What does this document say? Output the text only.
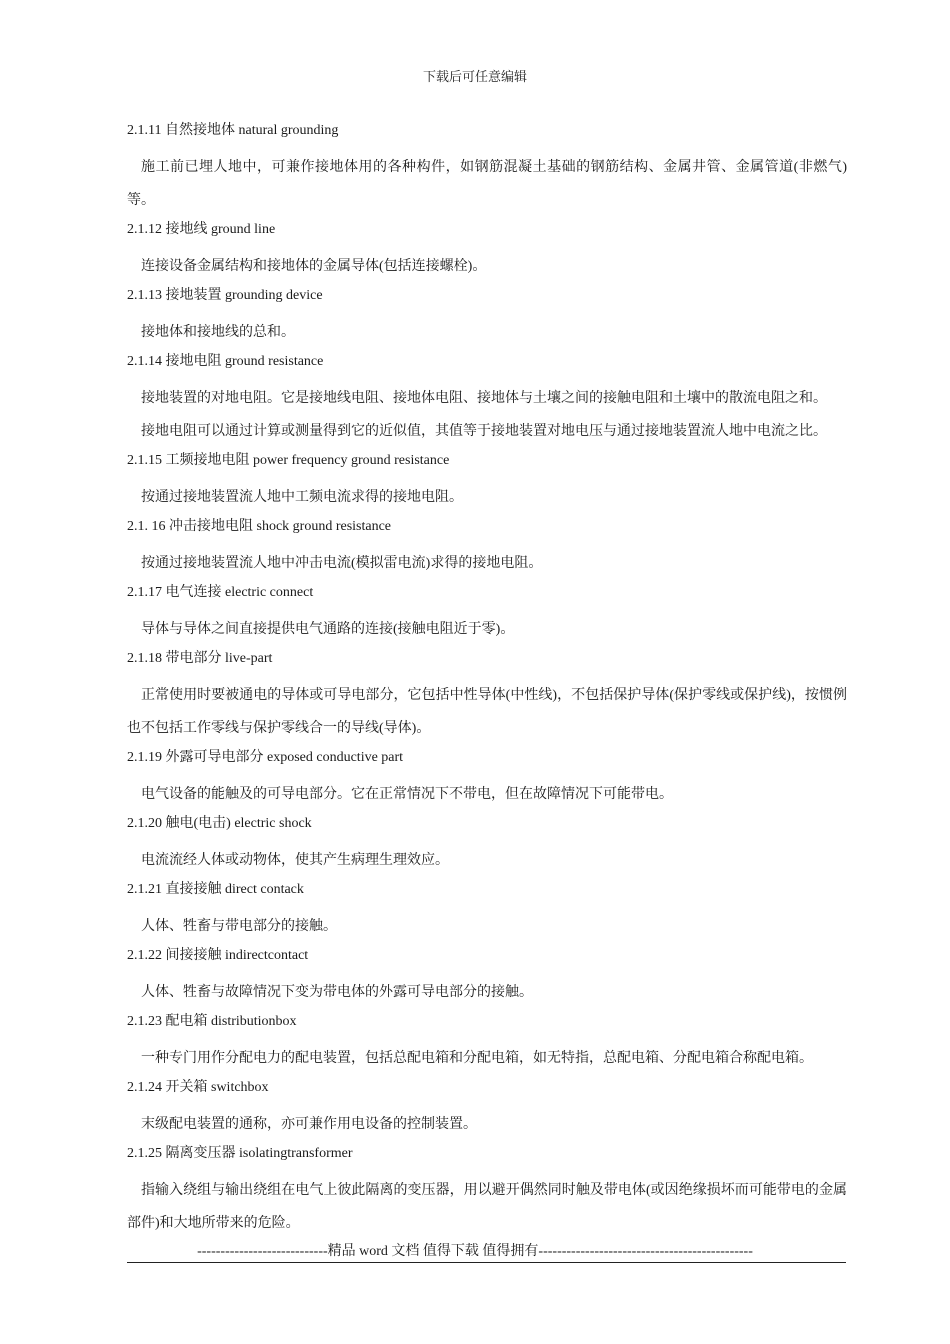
下载后可任意编辑
2.1.11 自然接地体 natural grounding
施工前已埋人地中，可兼作接地体用的各种构件，如钢筋混凝土基础的钢筋结构、金属井管、金属管道(非燃气)等。
2.1.12 接地线 ground line
连接设备金属结构和接地体的金属导体(包括连接螺栓)。
2.1.13 接地装置 grounding device
接地体和接地线的总和。
2.1.14 接地电阻 ground resistance
接地装置的对地电阻。它是接地线电阻、接地体电阻、接地体与土壤之间的接触电阻和土壤中的散流电阻之和。
接地电阻可以通过计算或测量得到它的近似值，其值等于接地装置对地电压与通过接地装置流人地中电流之比。
2.1.15 工频接地电阻 power frequency ground resistance
按通过接地装置流人地中工频电流求得的接地电阻。
2.1. 16 冲击接地电阻 shock ground resistance
按通过接地装置流人地中冲击电流(模拟雷电流)求得的接地电阻。
2.1.17 电气连接 electric connect
导体与导体之间直接提供电气通路的连接(接触电阻近于零)。
2.1.18 带电部分 live-part
正常使用时要被通电的导体或可导电部分，它包括中性导体(中性线)，不包括保护导体(保护零线或保护线)，按惯例也不包括工作零线与保护零线合一的导线(导体)。
2.1.19 外露可导电部分 exposed conductive part
电气设备的能触及的可导电部分。它在正常情况下不带电，但在故障情况下可能带电。
2.1.20 触电(电击) electric shock
电流流经人体或动物体，使其产生病理生理效应。
2.1.21 直接接触 direct contack
人体、牲畜与带电部分的接触。
2.1.22 间接接触 indirectcontact
人体、牲畜与故障情况下变为带电体的外露可导电部分的接触。
2.1.23 配电箱 distributionbox
一种专门用作分配电力的配电装置，包括总配电箱和分配电箱，如无特指，总配电箱、分配电箱合称配电箱。
2.1.24 开关箱 switchbox
末级配电装置的通称，亦可兼作用电设备的控制装置。
2.1.25 隔离变压器 isolatingtransformer
指输入绕组与输出绕组在电气上彼此隔离的变压器，用以避开偶然同时触及带电体(或因绝缘损坏而可能带电的金属部件)和大地所带来的危险。
----------------------------精品 word 文档 值得下载 值得拥有----------------------------------------------
